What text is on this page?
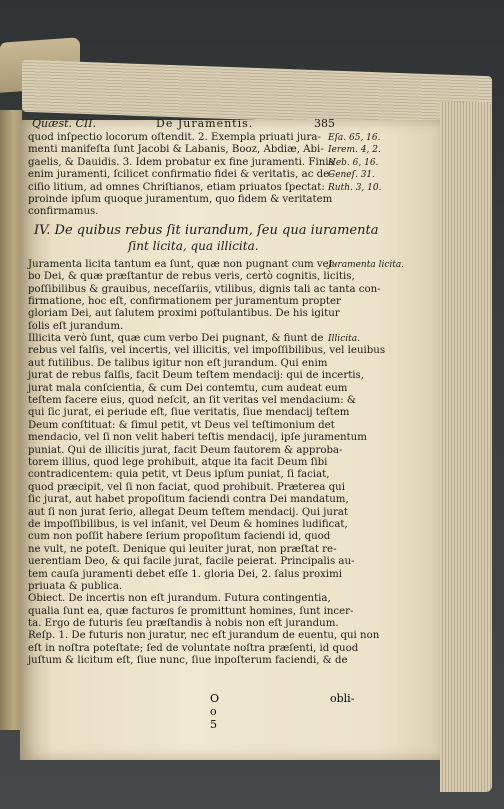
Quæst. CII.	De Juramentis.	385
quod inſpectio locorum oſtendit. 2. Exempla priuati jura- Eſa. 65, 16.
menti manifeſta ſunt Jacobi & Labanis, Booz, Abdiæ, Abi- Ierem. 4, 2.
gaelis, & Dauidis. 3. Idem probatur ex fine juramenti. Finis
Heb. 6, 16.
enim juramenti, ſcilicet confirmatio fidei & veritatis, ac de-
Geneſ. 31.
ciſio litium, ad omnes Chriſtianos, etiam priuatos ſpectat: Ruth. 3, 10.
proinde ipſum quoque juramentum, quo fidem & veritatem
confirmamus.
IV. De quibus rebus ſit iurandum, ſeu qua iuramenta
ſint licita, qua illicita.
Juramenta licita tantum ea ſunt, quæ non pugnant cum ver-
Juramenta licita.
bo Dei, & quæ præſtantur de rebus veris, certò cognitis, licitis,
poſſibilibus & grauibus, neceſſariis, vtilibus, dignis tali ac tanta con-
firmatione, hoc eſt, confirmationem per juramentum propter
gloriam Dei, aut ſalutem proximi poſtulantibus. De his igitur
ſolis eſt jurandum.
Illicita verò ſunt, quæ cum verbo Dei pugnant, & fiunt de Illicita.
rebus vel falſis, vel incertis, vel illicitis, vel impoſſibilibus, vel leuibus
aut futilibus. De talibus igitur non eſt jurandum. Qui enim
jurat de rebus falſis, facit Deum teſtem mendacij: qui de incertis,
jurat mala conſcientia, & cum Dei contemtu, cum audeat eum
teſtem facere eius, quod neſcit, an ſit veritas vel mendacium: &
qui ſic jurat, ei periude eſt, ſiue veritatis, ſiue mendacij teſtem
Deum conſtituat: & ſimul petit, vt Deus vel teſtimonium det
mendacio, vel ſi non velit haberi teſtis mendacij, ipſe juramentum
puniat. Qui de illicitis jurat, facit Deum fautorem & approba-
torem illius, quod lege prohibuit, atque ita facit Deum ſibi
contradicentem: quia petit, vt Deus ipſum puniat, ſi faciat,
quod præcipit, vel ſi non faciat, quod prohibuit. Præterea qui
ſic jurat, aut habet propoſitum faciendi contra Dei mandatum,
aut ſi non jurat ſerio, allegat Deum teſtem mendacij. Qui jurat
de impoſſibilibus, is vel inſanit, vel Deum & homines ludificat,
cum non poſſit habere ſerium propoſitum faciendi id, quod
ne vult, ne poteſt. Denique qui leuiter jurat, non præſtat re-
uerentiam Deo, & qui facile jurat, facile peierat. Principalis au-
tem cauſa juramenti debet eſſe 1. gloria Dei, 2. ſalus proximi
priuata & publica.
Obiect. De incertis non eſt jurandum. Futura contingentia,
qualia ſunt ea, quæ facturos ſe promittunt homines, ſunt incer-
ta. Ergo de futuris ſeu præſtandis à nobis non eſt jurandum.
Reſp. 1. De futuris non juratur, nec eſt jurandum de euentu, qui non
eſt in noſtra poteſtate; ſed de voluntate noſtra præſenti, id quod
juſtum & licitum eſt, ſiue nunc, ſiue inpoſterum faciendi, & de
O o 5
obli-
